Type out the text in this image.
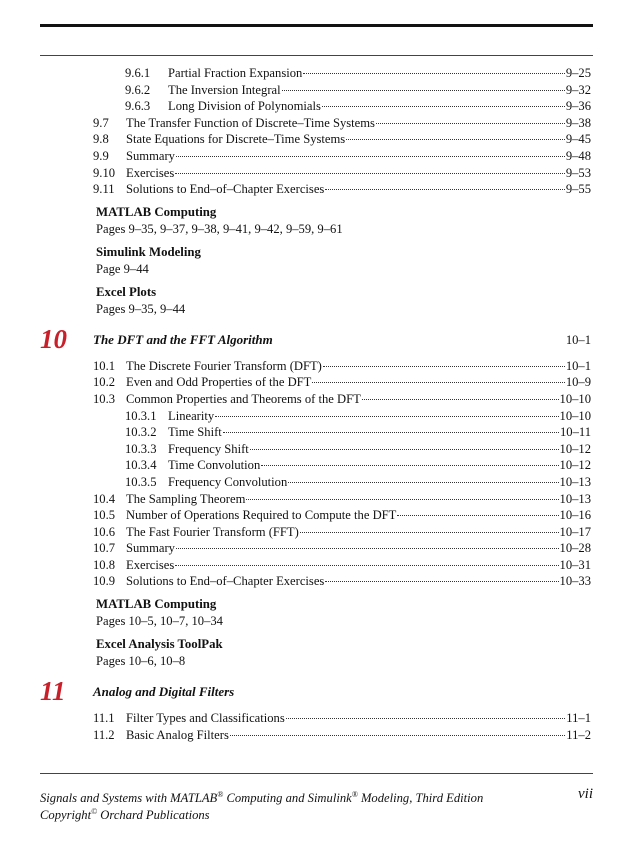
9.6.1	Partial Fraction Expansion	9–25
9.6.2	The Inversion Integral	9–32
9.6.3	Long Division of Polynomials	9–36
9.7	The Transfer Function of Discrete–Time Systems	9–38
9.8	State Equations for Discrete–Time Systems	9–45
9.9	Summary	9–48
9.10 Exercises	9–53
9.11 Solutions to End–of–Chapter Exercises	9–55
MATLAB Computing
Pages 9–35, 9–37, 9–38, 9–41, 9–42, 9–59, 9–61
Simulink Modeling
Page 9–44
Excel Plots
Pages 9–35, 9–44
10 The DFT and the FFT Algorithm	10–1
10.1 The Discrete Fourier Transform (DFT)	10–1
10.2 Even and Odd Properties of the DFT	10–9
10.3 Common Properties and Theorems of the DFT	10–10
10.3.1 Linearity	10–10
10.3.2 Time Shift	10–11
10.3.3 Frequency Shift	10–12
10.3.4 Time Convolution	10–12
10.3.5 Frequency Convolution	10–13
10.4 The Sampling Theorem	10–13
10.5 Number of Operations Required to Compute the DFT	10–16
10.6 The Fast Fourier Transform (FFT)	10–17
10.7 Summary	10–28
10.8 Exercises	10–31
10.9 Solutions to End–of–Chapter Exercises	10–33
MATLAB Computing
Pages 10–5, 10–7, 10–34
Excel Analysis ToolPak
Pages 10–6, 10–8
11 Analog and Digital Filters
11.1 Filter Types and Classifications	11–1
11.2 Basic Analog Filters	11–2
Signals and Systems with MATLAB® Computing and Simulink® Modeling, Third Edition
Copyright© Orchard Publications
vii
